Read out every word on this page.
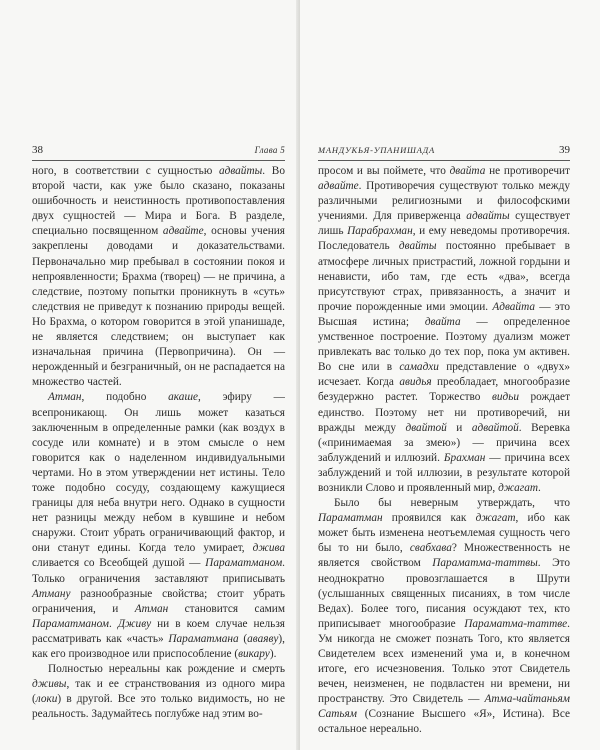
38	Глава 5

ного, в соответствии с сущностью адвайты. Во второй части, как уже было сказано, показаны ошибочность и неистинность противопоставления двух сущностей — Мира и Бога. В разделе, специально посвященном адвайте, основы учения закреплены доводами и доказательствами. Первоначально мир пребывал в состоянии покоя и непроявленности; Брахма (творец) — не причина, а следствие, поэтому попытки проникнуть в «суть» следствия не приведут к познанию природы вещей. Но Брахма, о котором говорится в этой упанишаде, не является следствием; он выступает как изначальная причина (Первопричина). Он — нерожденный и безграничный, он не распадается на множество частей.

Атман, подобно акаше, эфиру — всепроникающ. Он лишь может казаться заключенным в определенные рамки (как воздух в сосуде или комнате) и в этом смысле о нем говорится как о наделенном индивидуальными чертами. Но в этом утверждении нет истины. Тело тоже подобно сосуду, создающему кажущиеся границы для неба внутри него. Однако в сущности нет разницы между небом в кувшине и небом снаружи. Стоит убрать ограничивающий фактор, и они станут едины. Когда тело умирает, джива сливается со Всеобщей душой — Параматманом. Только ограничения заставляют приписывать Атману разнообразные свойства; стоит убрать ограничения, и Атман становится самим Параматманом. Дживу ни в коем случае нельзя рассматривать как «часть» Параматмана (аваяву), как его производное или приспособление (викару).

Полностью нереальны как рождение и смерть дживы, так и ее странствования из одного мира (локи) в другой. Все это только видимость, но не реальность. Задумайтесь поглубже над этим во-

МАНДУКЬЯ-УПАНИШАДА	39

просом и вы поймете, что двайта не противоречит адвайте. Противоречия существуют только между различными религиозными и философскими учениями. Для приверженца адвайты существует лишь Парабрахман, и ему неведомы противоречия. Последователь двайты постоянно пребывает в атмосфере личных пристрастий, ложной гордыни и ненависти, ибо там, где есть «два», всегда присутствуют страх, привязанность, а значит и прочие порожденные ими эмоции. Адвайта — это Высшая истина; двайта — определенное умственное построение. Поэтому дуализм может привлекать вас только до тех пор, пока ум активен. Во сне или в самадхи представление о «двух» исчезает. Когда авидья преобладает, многообразие безудержно растет. Торжество видьи рождает единство. Поэтому нет ни противоречий, ни вражды между двайтой и адвайтой. Веревка («принимаемая за змею») — причина всех заблуждений и иллюзий. Брахман — причина всех заблуждений и той иллюзии, в результате которой возникли Слово и проявленный мир, джагат.

Было бы неверным утверждать, что Параматман проявился как джагат, ибо как может быть изменена неотъемлемая сущность чего бы то ни было, свабхава? Множественность не является свойством Параматма-таттвы. Это неоднократно провозглашается в Шрути (услышанных священных писаниях, в том числе Ведах). Более того, писания осуждают тех, кто приписывает многообразие Параматма-таттве. Ум никогда не сможет познать Того, кто является Свидетелем всех изменений ума и, в конечном итоге, его исчезновения. Только этот Свидетель вечен, неизменен, не подвластен ни времени, ни пространству. Это Свидетель — Атма-чайтаньям Сатьям (Сознание Высшего «Я», Истина). Все остальное нереально.
